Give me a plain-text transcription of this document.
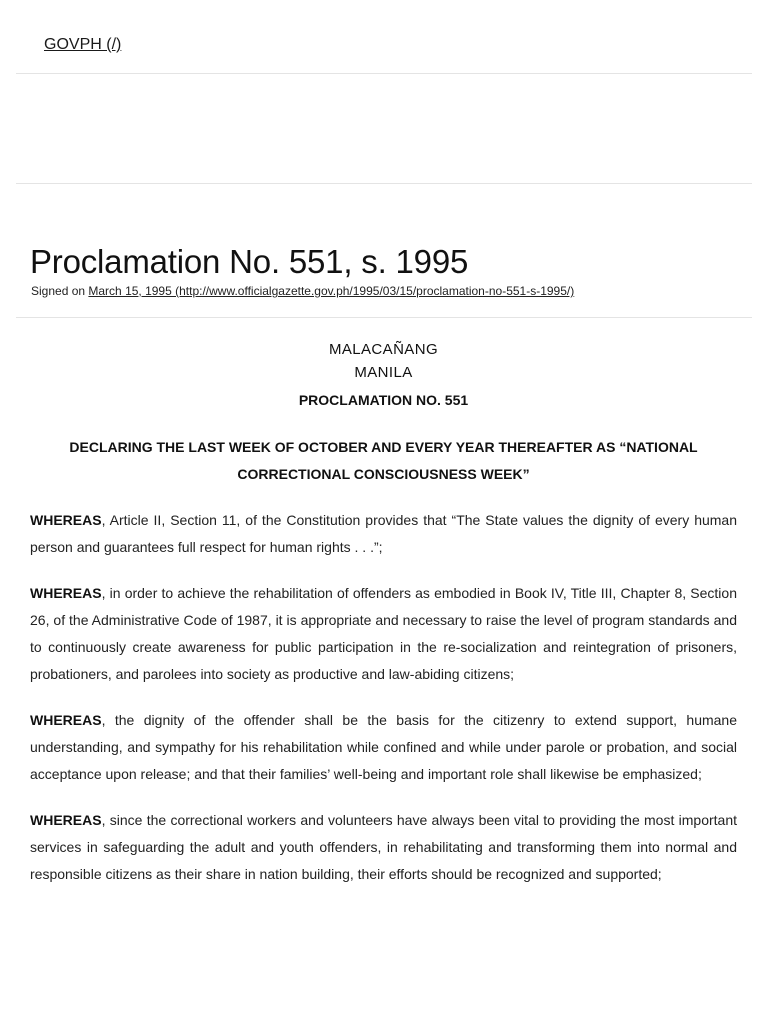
GOVPH (/)
Proclamation No. 551, s. 1995
Signed on March 15, 1995 (http://www.officialgazette.gov.ph/1995/03/15/proclamation-no-551-s-1995/)
MALACAÑANG
MANILA
PROCLAMATION NO. 551
DECLARING THE LAST WEEK OF OCTOBER AND EVERY YEAR THEREAFTER AS “NATIONAL CORRECTIONAL CONSCIOUSNESS WEEK”
WHEREAS, Article II, Section 11, of the Constitution provides that “The State values the dignity of every human person and guarantees full respect for human rights . . .”;
WHEREAS, in order to achieve the rehabilitation of offenders as embodied in Book IV, Title III, Chapter 8, Section 26, of the Administrative Code of 1987, it is appropriate and necessary to raise the level of program standards and to continuously create awareness for public participation in the re-socialization and reintegration of prisoners, probationers, and parolees into society as productive and law-abiding citizens;
WHEREAS, the dignity of the offender shall be the basis for the citizenry to extend support, humane understanding, and sympathy for his rehabilitation while confined and while under parole or probation, and social acceptance upon release; and that their families’ well-being and important role shall likewise be emphasized;
WHEREAS, since the correctional workers and volunteers have always been vital to providing the most important services in safeguarding the adult and youth offenders, in rehabilitating and transforming them into normal and responsible citizens as their share in nation building, their efforts should be recognized and supported;
